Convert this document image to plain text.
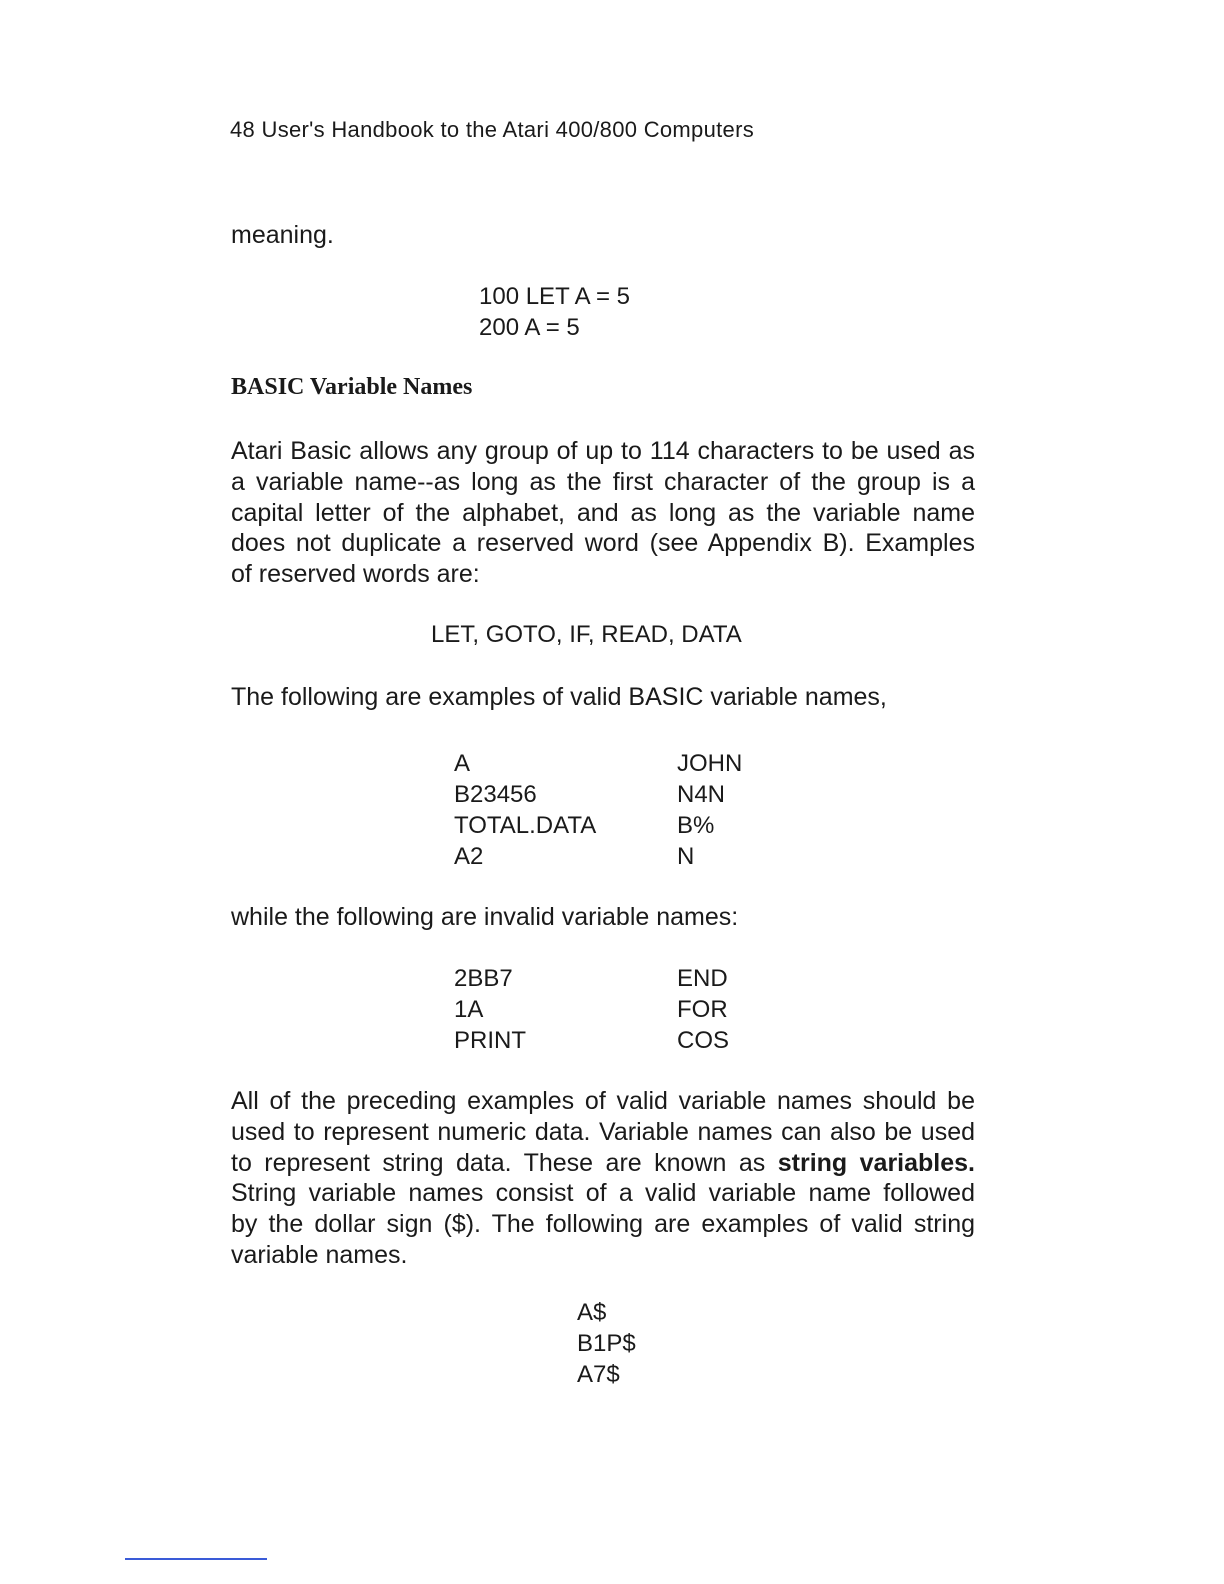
48 User's Handbook to the Atari 400/800 Computers
meaning.
100 LET A = 5
200 A = 5
BASIC Variable Names
Atari Basic allows any group of up to 114 characters to be used as
a variable name--as long as the first character of the group is a
capital letter of the alphabet, and as long as the variable name
does not duplicate a reserved word (see Appendix B). Examples
of reserved words are:
LET, GOTO, IF, READ, DATA
The following are examples of valid BASIC variable names,
A
B23456
TOTAL.DATA
A2
JOHN
N4N
B%
N
while the following are invalid variable names:
2BB7
1A
PRINT
END
FOR
COS
All of the preceding examples of valid variable names should be
used to represent numeric data. Variable names can also be used
to represent string data. These are known as string variables.
String variable names consist of a valid variable name followed
by the dollar sign ($). The following are examples of valid string
variable names.
A$
B1P$
A7$
